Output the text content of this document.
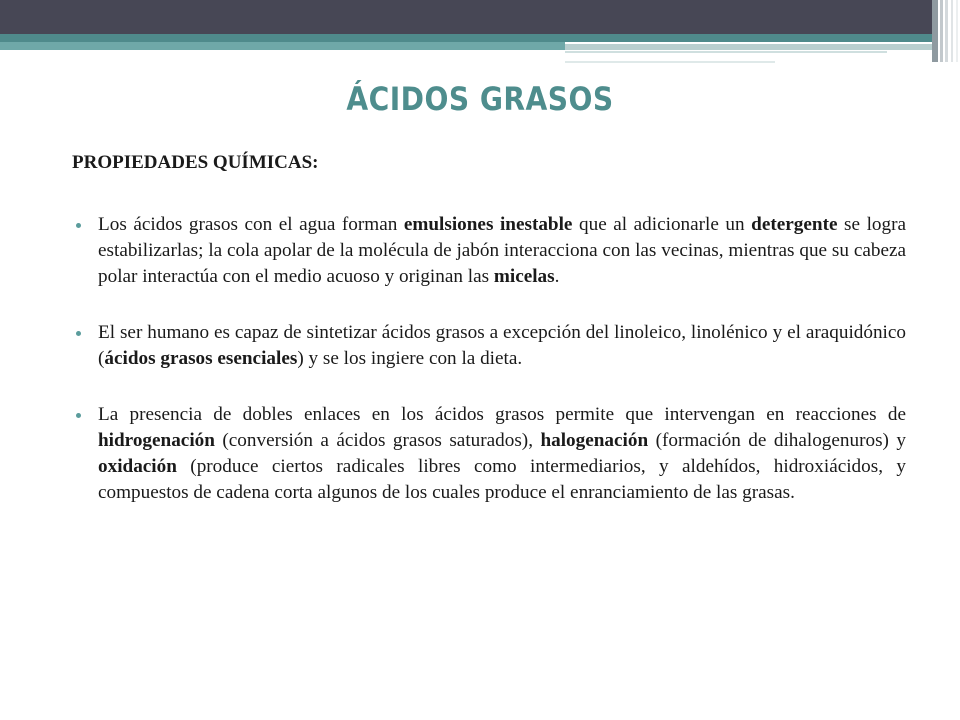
ÁCIDOS GRASOS
PROPIEDADES QUÍMICAS:
Los ácidos grasos con el agua forman emulsiones inestable que al adicionarle un detergente se logra estabilizarlas; la cola apolar de la molécula de jabón interacciona con las vecinas, mientras que su cabeza polar interactúa con el medio acuoso y originan las micelas.
El ser humano es capaz de sintetizar ácidos grasos a excepción del linoleico, linolénico y el araquidónico (ácidos grasos esenciales) y se los ingiere con la dieta.
La presencia de dobles enlaces en los ácidos grasos permite que intervengan en reacciones de hidrogenación (conversión a ácidos grasos saturados), halogenación (formación de dihalogenuros) y oxidación (produce ciertos radicales libres como intermediarios, y aldehídos, hidroxiácidos, y compuestos de cadena corta algunos de los cuales produce el enranciamiento de las grasas.
